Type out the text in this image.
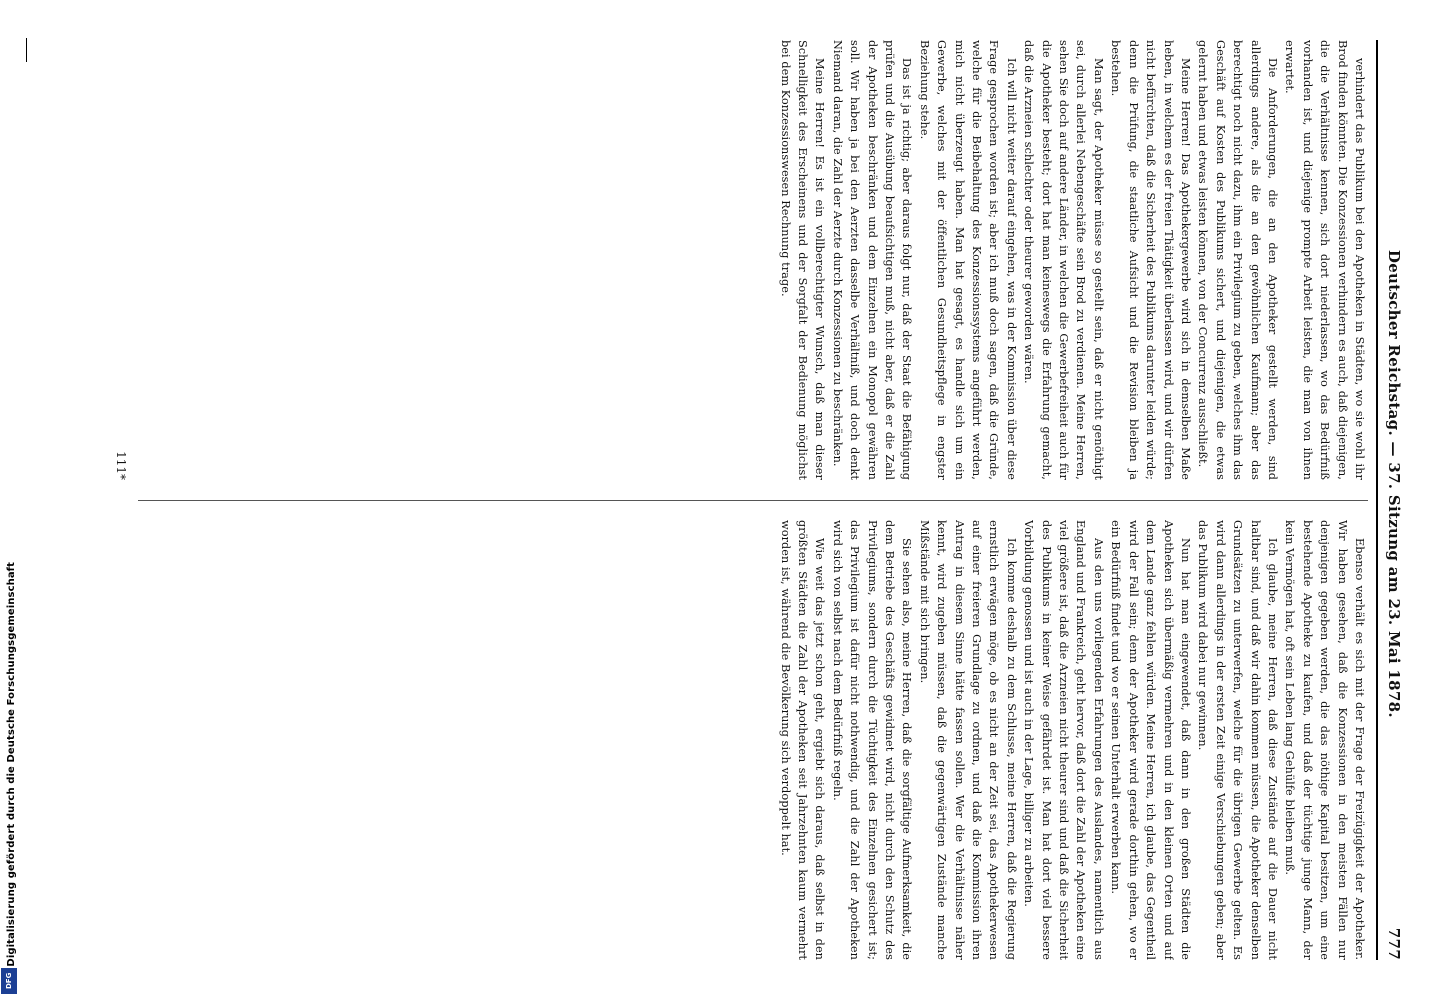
Digitalisierung gefördert durch die Deutsche Forschungsgemeinschaft
DFG
Deutscher Reichstag. — 37. Sitzung am 23. Mai 1878.
777

verhindert das Publikum bei den Apotheken in Städten, wo sie wohl ihr Brod finden könnten. Die Konzessionen verhindern es auch, daß diejenigen, die die Verhältnisse kennen, sich dort niederlassen, wo das Bedürfniß vorhanden ist, und diejenige prompte Arbeit leisten, die man von ihnen erwartet.

Die Anforderungen, die an den Apotheker gestellt werden, sind allerdings andere, als die an den gewöhnlichen Kaufmann; aber das berechtigt noch nicht dazu, ihm ein Privilegium zu geben, welches ihm das Geschäft auf Kosten des Publikums sichert, und diejenigen, die etwas gelernt haben und etwas leisten können, von der Concurrenz ausschließt.

Meine Herren! Das Apothekergewerbe wird sich in demselben Maße heben, in welchem es der freien Thätigkeit überlassen wird, und wir dürfen nicht befürchten, daß die Sicherheit des Publikums darunter leiden würde; denn die Prüfung, die staatliche Aufsicht und die Revision bleiben ja bestehen.

Man sagt, der Apotheker müsse so gestellt sein, daß er nicht genöthigt sei, durch allerlei Nebengeschäfte sein Brod zu verdienen. Meine Herren, sehen Sie doch auf andere Länder, in welchen die Gewerbefreiheit auch für die Apotheker besteht; dort hat man keineswegs die Erfahrung gemacht, daß die Arzneien schlechter oder theurer geworden wären.

Ich will nicht weiter darauf eingehen, was in der Kommission über diese Frage gesprochen worden ist; aber ich muß doch sagen, daß die Gründe, welche für die Beibehaltung des Konzessionssystems angeführt werden, mich nicht überzeugt haben. Man hat gesagt, es handle sich um ein Gewerbe, welches mit der öffentlichen Gesundheitspflege in engster Beziehung stehe.

Das ist ja richtig; aber daraus folgt nur, daß der Staat die Befähigung prüfen und die Ausübung beaufsichtigen muß, nicht aber, daß er die Zahl der Apotheken beschränken und dem Einzelnen ein Monopol gewähren soll. Wir haben ja bei den Aerzten dasselbe Verhältniß, und doch denkt Niemand daran, die Zahl der Aerzte durch Konzessionen zu beschränken.

Meine Herren! Es ist ein vollberechtigter Wunsch, daß man dieser Schnelligkeit des Erscheinens und der Sorgfalt der Bedienung möglichst bei dem Konzessionswesen Rechnung trage.

Ebenso verhält es sich mit der Frage der Freizügigkeit der Apotheker. Wir haben gesehen, daß die Konzessionen in den meisten Fällen nur denjenigen gegeben werden, die das nöthige Kapital besitzen, um eine bestehende Apotheke zu kaufen, und daß der tüchtige junge Mann, der kein Vermögen hat, oft sein Leben lang Gehülfe bleiben muß.

Ich glaube, meine Herren, daß diese Zustände auf die Dauer nicht haltbar sind, und daß wir dahin kommen müssen, die Apotheker denselben Grundsätzen zu unterwerfen, welche für die übrigen Gewerbe gelten. Es wird dann allerdings in der ersten Zeit einige Verschiebungen geben; aber das Publikum wird dabei nur gewinnen.

Nun hat man eingewendet, daß dann in den großen Städten die Apotheken sich übermäßig vermehren und in den kleinen Orten und auf dem Lande ganz fehlen würden. Meine Herren, ich glaube, das Gegentheil wird der Fall sein; denn der Apotheker wird gerade dorthin gehen, wo er ein Bedürfniß findet und wo er seinen Unterhalt erwerben kann.

Aus den uns vorliegenden Erfahrungen des Auslandes, namentlich aus England und Frankreich, geht hervor, daß dort die Zahl der Apotheken eine viel größere ist, daß die Arzneien nicht theurer sind und daß die Sicherheit des Publikums in keiner Weise gefährdet ist. Man hat dort viel bessere Vorbildung genossen und ist auch in der Lage, billiger zu arbeiten.

Ich komme deshalb zu dem Schlusse, meine Herren, daß die Regierung ernstlich erwägen möge, ob es nicht an der Zeit sei, das Apothekerwesen auf einer freieren Grundlage zu ordnen, und daß die Kommission ihren Antrag in diesem Sinne hätte fassen sollen. Wer die Verhältnisse näher kennt, wird zugeben müssen, daß die gegenwärtigen Zustände manche Mißstände mit sich bringen.

Sie sehen also, meine Herren, daß die sorgfältige Aufmerksamkeit, die dem Betriebe des Geschäfts gewidmet wird, nicht durch den Schutz des Privilegiums, sondern durch die Tüchtigkeit des Einzelnen gesichert ist; das Privilegium ist dafür nicht nothwendig, und die Zahl der Apotheken wird sich von selbst nach dem Bedürfniß regeln.

Wie weit das jetzt schon geht, ergiebt sich daraus, daß selbst in den größten Städten die Zahl der Apotheken seit Jahrzehnten kaum vermehrt worden ist, während die Bevölkerung sich verdoppelt hat.

111*
